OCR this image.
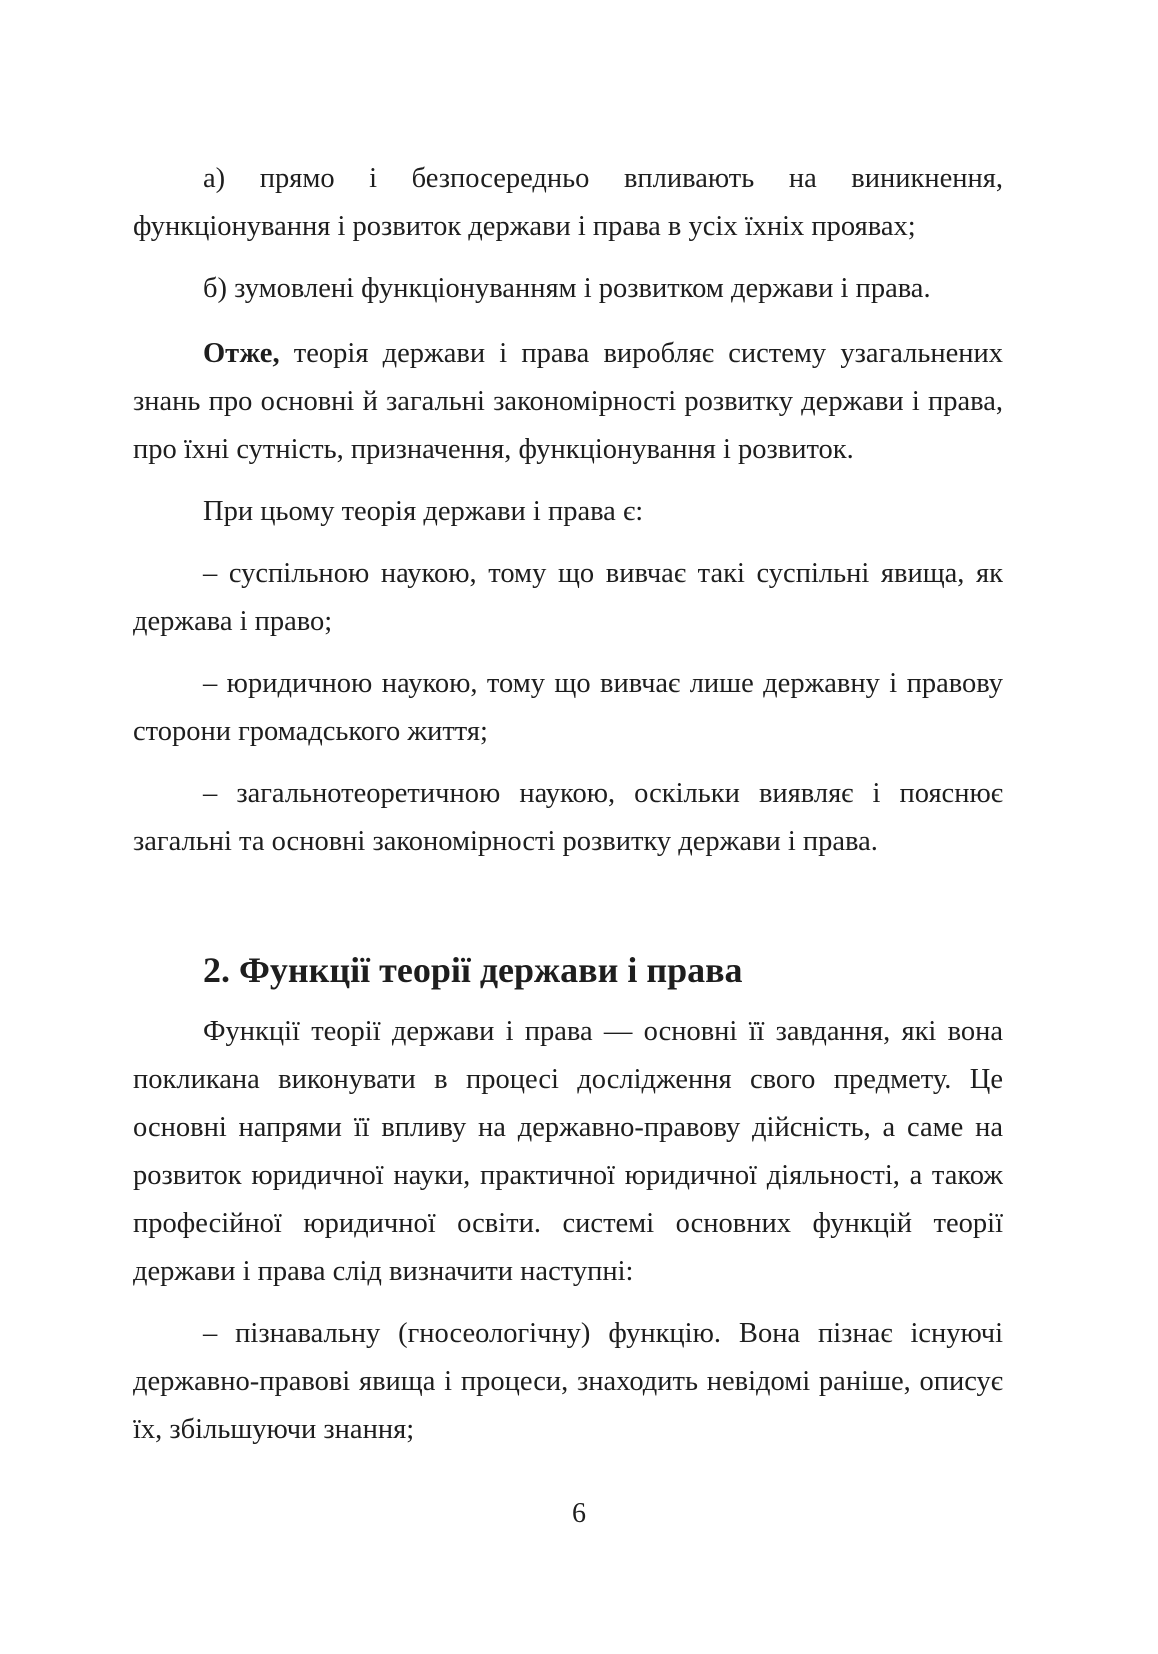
а) прямо і безпосередньо впливають на виникнення, функціонування і розвиток держави і права в усіх їхніх проявах;

б) зумовлені функціонуванням і розвитком держави і права.

Отже, теорія держави і права виробляє систему узагальнених знань про основні й загальні закономірності розвитку держави і права, про їхні сутність, призначення, функціонування і розвиток.

При цьому теорія держави і права є:

– суспільною наукою, тому що вивчає такі суспільні явища, як держава і право;

– юридичною наукою, тому що вивчає лише державну і правову сторони громадського життя;

– загальнотеоретичною наукою, оскільки виявляє і пояснює загальні та основні закономірності розвитку держави і права.

2. Функції теорії держави і права

Функції теорії держави і права — основні її завдання, які вона покликана виконувати в процесі дослідження свого предмету. Це основні напрями її впливу на державно-правову дійсність, а саме на розвиток юридичної науки, практичної юридичної діяльності, а також професійної юридичної освіти. системі основних функцій теорії держави і права слід визначити наступні:

– пізнавальну (гносеологічну) функцію. Вона пізнає існуючі державно-правові явища і процеси, знаходить невідомі раніше, описує їх, збільшуючи знання;

6
